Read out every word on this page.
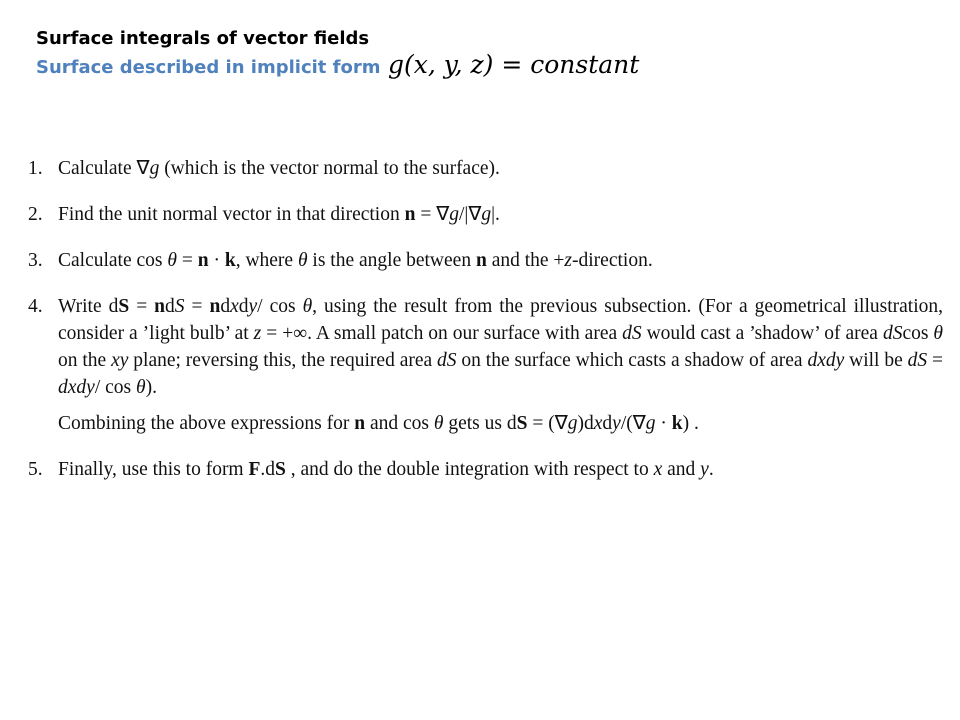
Surface integrals of vector fields
Surface described in implicit form g(x, y, z) = constant
1. Calculate ∇g (which is the vector normal to the surface).

2. Find the unit normal vector in that direction n = ∇g/|∇g|.

3. Calculate cos θ = n · k, where θ is the angle between n and the +z-direction.

4. Write dS = ndS = ndxdy/ cos θ, using the result from the previous subsection. (For a geometrical illustration, consider a ’light bulb’ at z = +∞. A small patch on our surface with area dS would cast a ’shadow’ of area dScos θ on the xy plane; reversing this, the required area dS on the surface which casts a shadow of area dxdy will be dS = dxdy/ cos θ).

Combining the above expressions for n and cos θ gets us dS = (∇g)dxdy/(∇g · k) .

5. Finally, use this to form F.dS , and do the double integration with respect to x and y.
